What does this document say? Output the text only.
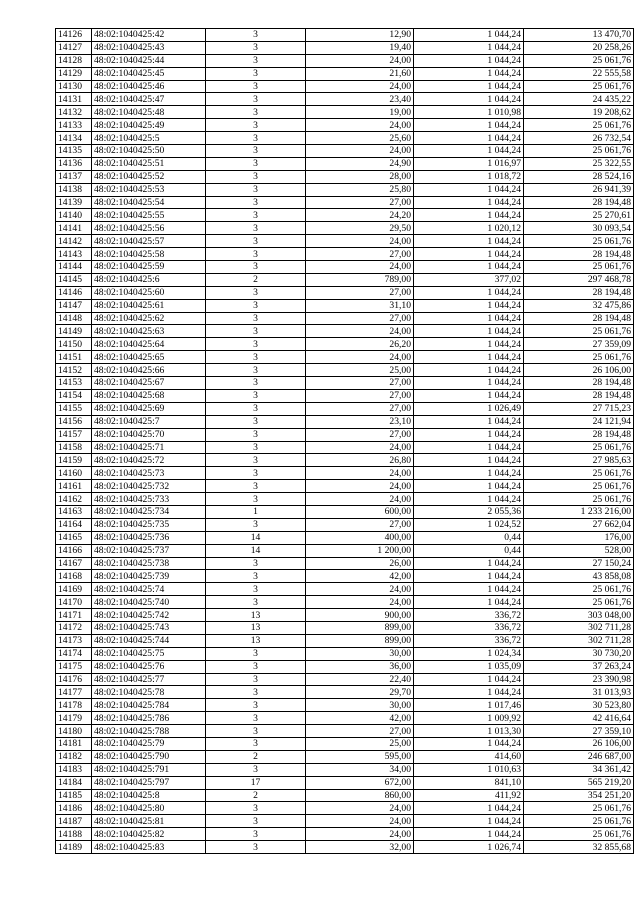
14126	48:02:1040425:42	3	12,90	1 044,24	13 470,70
14127	48:02:1040425:43	3	19,40	1 044,24	20 258,26
14128	48:02:1040425:44	3	24,00	1 044,24	25 061,76
14129	48:02:1040425:45	3	21,60	1 044,24	22 555,58
14130	48:02:1040425:46	3	24,00	1 044,24	25 061,76
14131	48:02:1040425:47	3	23,40	1 044,24	24 435,22
14132	48:02:1040425:48	3	19,00	1 010,98	19 208,62
14133	48:02:1040425:49	3	24,00	1 044,24	25 061,76
14134	48:02:1040425:5	3	25,60	1 044,24	26 732,54
14135	48:02:1040425:50	3	24,00	1 044,24	25 061,76
14136	48:02:1040425:51	3	24,90	1 016,97	25 322,55
14137	48:02:1040425:52	3	28,00	1 018,72	28 524,16
14138	48:02:1040425:53	3	25,80	1 044,24	26 941,39
14139	48:02:1040425:54	3	27,00	1 044,24	28 194,48
14140	48:02:1040425:55	3	24,20	1 044,24	25 270,61
14141	48:02:1040425:56	3	29,50	1 020,12	30 093,54
14142	48:02:1040425:57	3	24,00	1 044,24	25 061,76
14143	48:02:1040425:58	3	27,00	1 044,24	28 194,48
14144	48:02:1040425:59	3	24,00	1 044,24	25 061,76
14145	48:02:1040425:6	2	789,00	377,02	297 468,78
14146	48:02:1040425:60	3	27,00	1 044,24	28 194,48
14147	48:02:1040425:61	3	31,10	1 044,24	32 475,86
14148	48:02:1040425:62	3	27,00	1 044,24	28 194,48
14149	48:02:1040425:63	3	24,00	1 044,24	25 061,76
14150	48:02:1040425:64	3	26,20	1 044,24	27 359,09
14151	48:02:1040425:65	3	24,00	1 044,24	25 061,76
14152	48:02:1040425:66	3	25,00	1 044,24	26 106,00
14153	48:02:1040425:67	3	27,00	1 044,24	28 194,48
14154	48:02:1040425:68	3	27,00	1 044,24	28 194,48
14155	48:02:1040425:69	3	27,00	1 026,49	27 715,23
14156	48:02:1040425:7	3	23,10	1 044,24	24 121,94
14157	48:02:1040425:70	3	27,00	1 044,24	28 194,48
14158	48:02:1040425:71	3	24,00	1 044,24	25 061,76
14159	48:02:1040425:72	3	26,80	1 044,24	27 985,63
14160	48:02:1040425:73	3	24,00	1 044,24	25 061,76
14161	48:02:1040425:732	3	24,00	1 044,24	25 061,76
14162	48:02:1040425:733	3	24,00	1 044,24	25 061,76
14163	48:02:1040425:734	1	600,00	2 055,36	1 233 216,00
14164	48:02:1040425:735	3	27,00	1 024,52	27 662,04
14165	48:02:1040425:736	14	400,00	0,44	176,00
14166	48:02:1040425:737	14	1 200,00	0,44	528,00
14167	48:02:1040425:738	3	26,00	1 044,24	27 150,24
14168	48:02:1040425:739	3	42,00	1 044,24	43 858,08
14169	48:02:1040425:74	3	24,00	1 044,24	25 061,76
14170	48:02:1040425:740	3	24,00	1 044,24	25 061,76
14171	48:02:1040425:742	13	900,00	336,72	303 048,00
14172	48:02:1040425:743	13	899,00	336,72	302 711,28
14173	48:02:1040425:744	13	899,00	336,72	302 711,28
14174	48:02:1040425:75	3	30,00	1 024,34	30 730,20
14175	48:02:1040425:76	3	36,00	1 035,09	37 263,24
14176	48:02:1040425:77	3	22,40	1 044,24	23 390,98
14177	48:02:1040425:78	3	29,70	1 044,24	31 013,93
14178	48:02:1040425:784	3	30,00	1 017,46	30 523,80
14179	48:02:1040425:786	3	42,00	1 009,92	42 416,64
14180	48:02:1040425:788	3	27,00	1 013,30	27 359,10
14181	48:02:1040425:79	3	25,00	1 044,24	26 106,00
14182	48:02:1040425:790	2	595,00	414,60	246 687,00
14183	48:02:1040425:791	3	34,00	1 010,63	34 361,42
14184	48:02:1040425:797	17	672,00	841,10	565 219,20
14185	48:02:1040425:8	2	860,00	411,92	354 251,20
14186	48:02:1040425:80	3	24,00	1 044,24	25 061,76
14187	48:02:1040425:81	3	24,00	1 044,24	25 061,76
14188	48:02:1040425:82	3	24,00	1 044,24	25 061,76
14189	48:02:1040425:83	3	32,00	1 026,74	32 855,68
